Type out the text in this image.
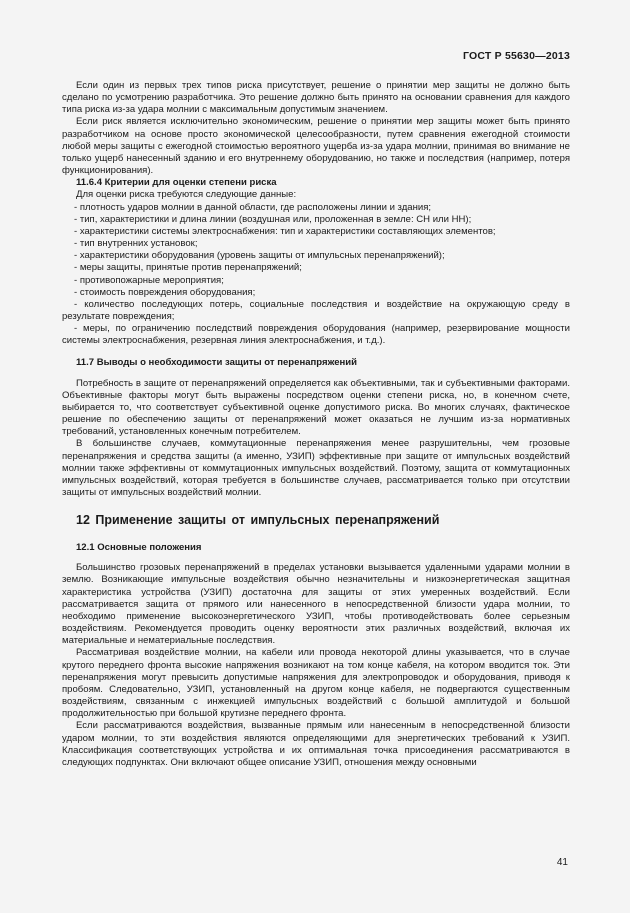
ГОСТ Р 55630—2013

Если один из первых трех типов риска присутствует, решение о принятии мер защиты не должно быть сделано по усмотрению разработчика. Это решение должно быть принято на основании сравнения для каждого типа риска из-за удара молнии с максимальным допустимым значением.

Если риск является исключительно экономическим, решение о принятии мер защиты может быть принято разработчиком на основе просто экономической целесообразности, путем сравнения ежегодной стоимости любой меры защиты с ежегодной стоимостью вероятного ущерба из-за удара молнии, принимая во внимание не только ущерб нанесенный зданию и его внутреннему оборудованию, но также и последствия (например, потеря функционирования).

11.6.4 Критерии для оценки степени риска

Для оценки риска требуются следующие данные:

- плотность ударов молнии в данной области, где расположены линии и здания;

- тип, характеристики и длина линии (воздушная или, проложенная в земле: СН или НН);

- характеристики системы электроснабжения: тип и характеристики составляющих элементов;

- тип внутренних установок;

- характеристики оборудования (уровень защиты от импульсных перенапряжений);

- меры защиты, принятые против перенапряжений;

- противопожарные мероприятия;

- стоимость повреждения оборудования;

- количество последующих потерь, социальные последствия и воздействие на окружающую среду в результате повреждения;

- меры, по ограничению последствий повреждения оборудования (например, резервирование мощности системы электроснабжения, резервная линия электроснабжения, и т.д.).

11.7 Выводы о необходимости защиты от перенапряжений

Потребность в защите от перенапряжений определяется как объективными, так и субъективными факторами. Объективные факторы могут быть выражены посредством оценки степени риска, но, в конечном счете, выбирается то, что соответствует субъективной оценке допустимого риска. Во многих случаях, фактическое решение по обеспечению защиты от перенапряжений может оказаться не лучшим из-за нормативных требований, установленных конечным потребителем.

В большинстве случаев, коммутационные перенапряжения менее разрушительны, чем грозовые перенапряжения и средства защиты (а именно, УЗИП) эффективные при защите от импульсных воздействий молнии также эффективны от коммутационных импульсных воздействий. Поэтому, защита от коммутационных импульсных воздействий, которая требуется в большинстве случаев, рассматривается только при отсутствии защиты от импульсных воздействий молнии.

12 Применение защиты от импульсных перенапряжений

12.1 Основные положения

Большинство грозовых перенапряжений в пределах установки вызывается удаленными ударами молнии в землю. Возникающие импульсные воздействия обычно незначительны и низкоэнергетическая защитная характеристика устройства (УЗИП) достаточна для защиты от этих умеренных воздействий. Если рассматривается защита от прямого или нанесенного в непосредственной близости удара молнии, то необходимо применение высокоэнергетического УЗИП, чтобы противодействовать более серьезным воздействиям. Рекомендуется проводить оценку вероятности этих различных воздействий, включая их материальные и нематериальные последствия.

Рассматривая воздействие молнии, на кабели или провода некоторой длины указывается, что в случае крутого переднего фронта высокие напряжения возникают на том конце кабеля, на котором вводится ток. Эти перенапряжения могут превысить допустимые напряжения для электропроводок и оборудования, приводя к пробоям. Следовательно, УЗИП, установленный на другом конце кабеля, не подвергаются существенным воздействиям, связанным с инжекцией импульсных воздействий с большой амплитудой и большой продолжительностью при большой крутизне переднего фронта.

Если рассматриваются воздействия, вызванные прямым или нанесенным в непосредственной близости ударом молнии, то эти воздействия являются определяющими для энергетических требований к УЗИП. Классификация соответствующих устройства и их оптимальная точка присоединения рассматриваются в следующих подпунктах. Они включают общее описание УЗИП, отношения между основными

41
